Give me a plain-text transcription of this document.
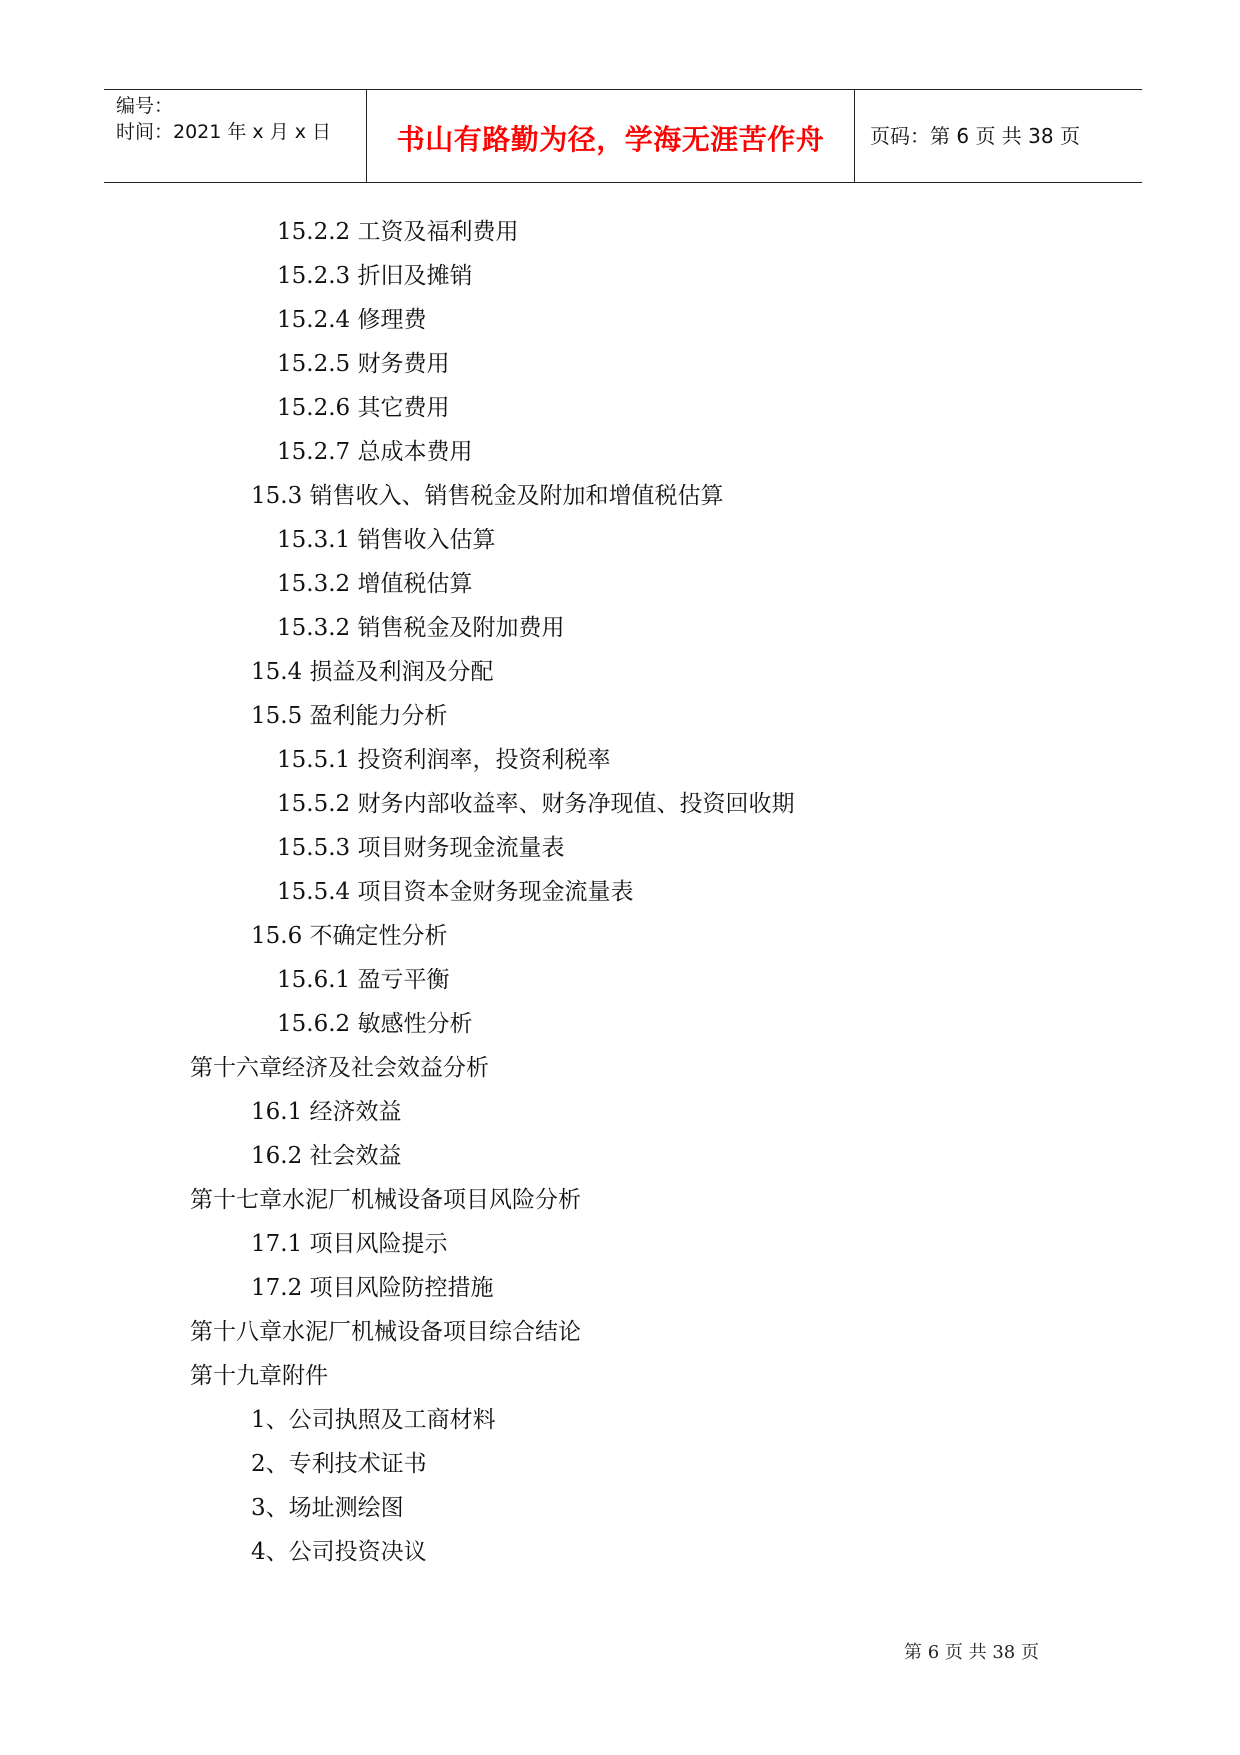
编号：
时间：2021 年 x 月 x 日	书山有路勤为径，学海无涯苦作舟	页码：第 6 页 共 38 页
15.2.2 工资及福利费用
15.2.3 折旧及摊销
15.2.4 修理费
15.2.5 财务费用
15.2.6 其它费用
15.2.7 总成本费用
15.3 销售收入、销售税金及附加和增值税估算
15.3.1 销售收入估算
15.3.2 增值税估算
15.3.2 销售税金及附加费用
15.4 损益及利润及分配
15.5 盈利能力分析
15.5.1 投资利润率，投资利税率
15.5.2 财务内部收益率、财务净现值、投资回收期
15.5.3 项目财务现金流量表
15.5.4 项目资本金财务现金流量表
15.6 不确定性分析
15.6.1 盈亏平衡
15.6.2 敏感性分析
第十六章经济及社会效益分析
16.1 经济效益
16.2 社会效益
第十七章水泥厂机械设备项目风险分析
17.1 项目风险提示
17.2 项目风险防控措施
第十八章水泥厂机械设备项目综合结论
第十九章附件
1、公司执照及工商材料
2、专利技术证书
3、场址测绘图
4、公司投资决议
第 6 页 共 38 页
